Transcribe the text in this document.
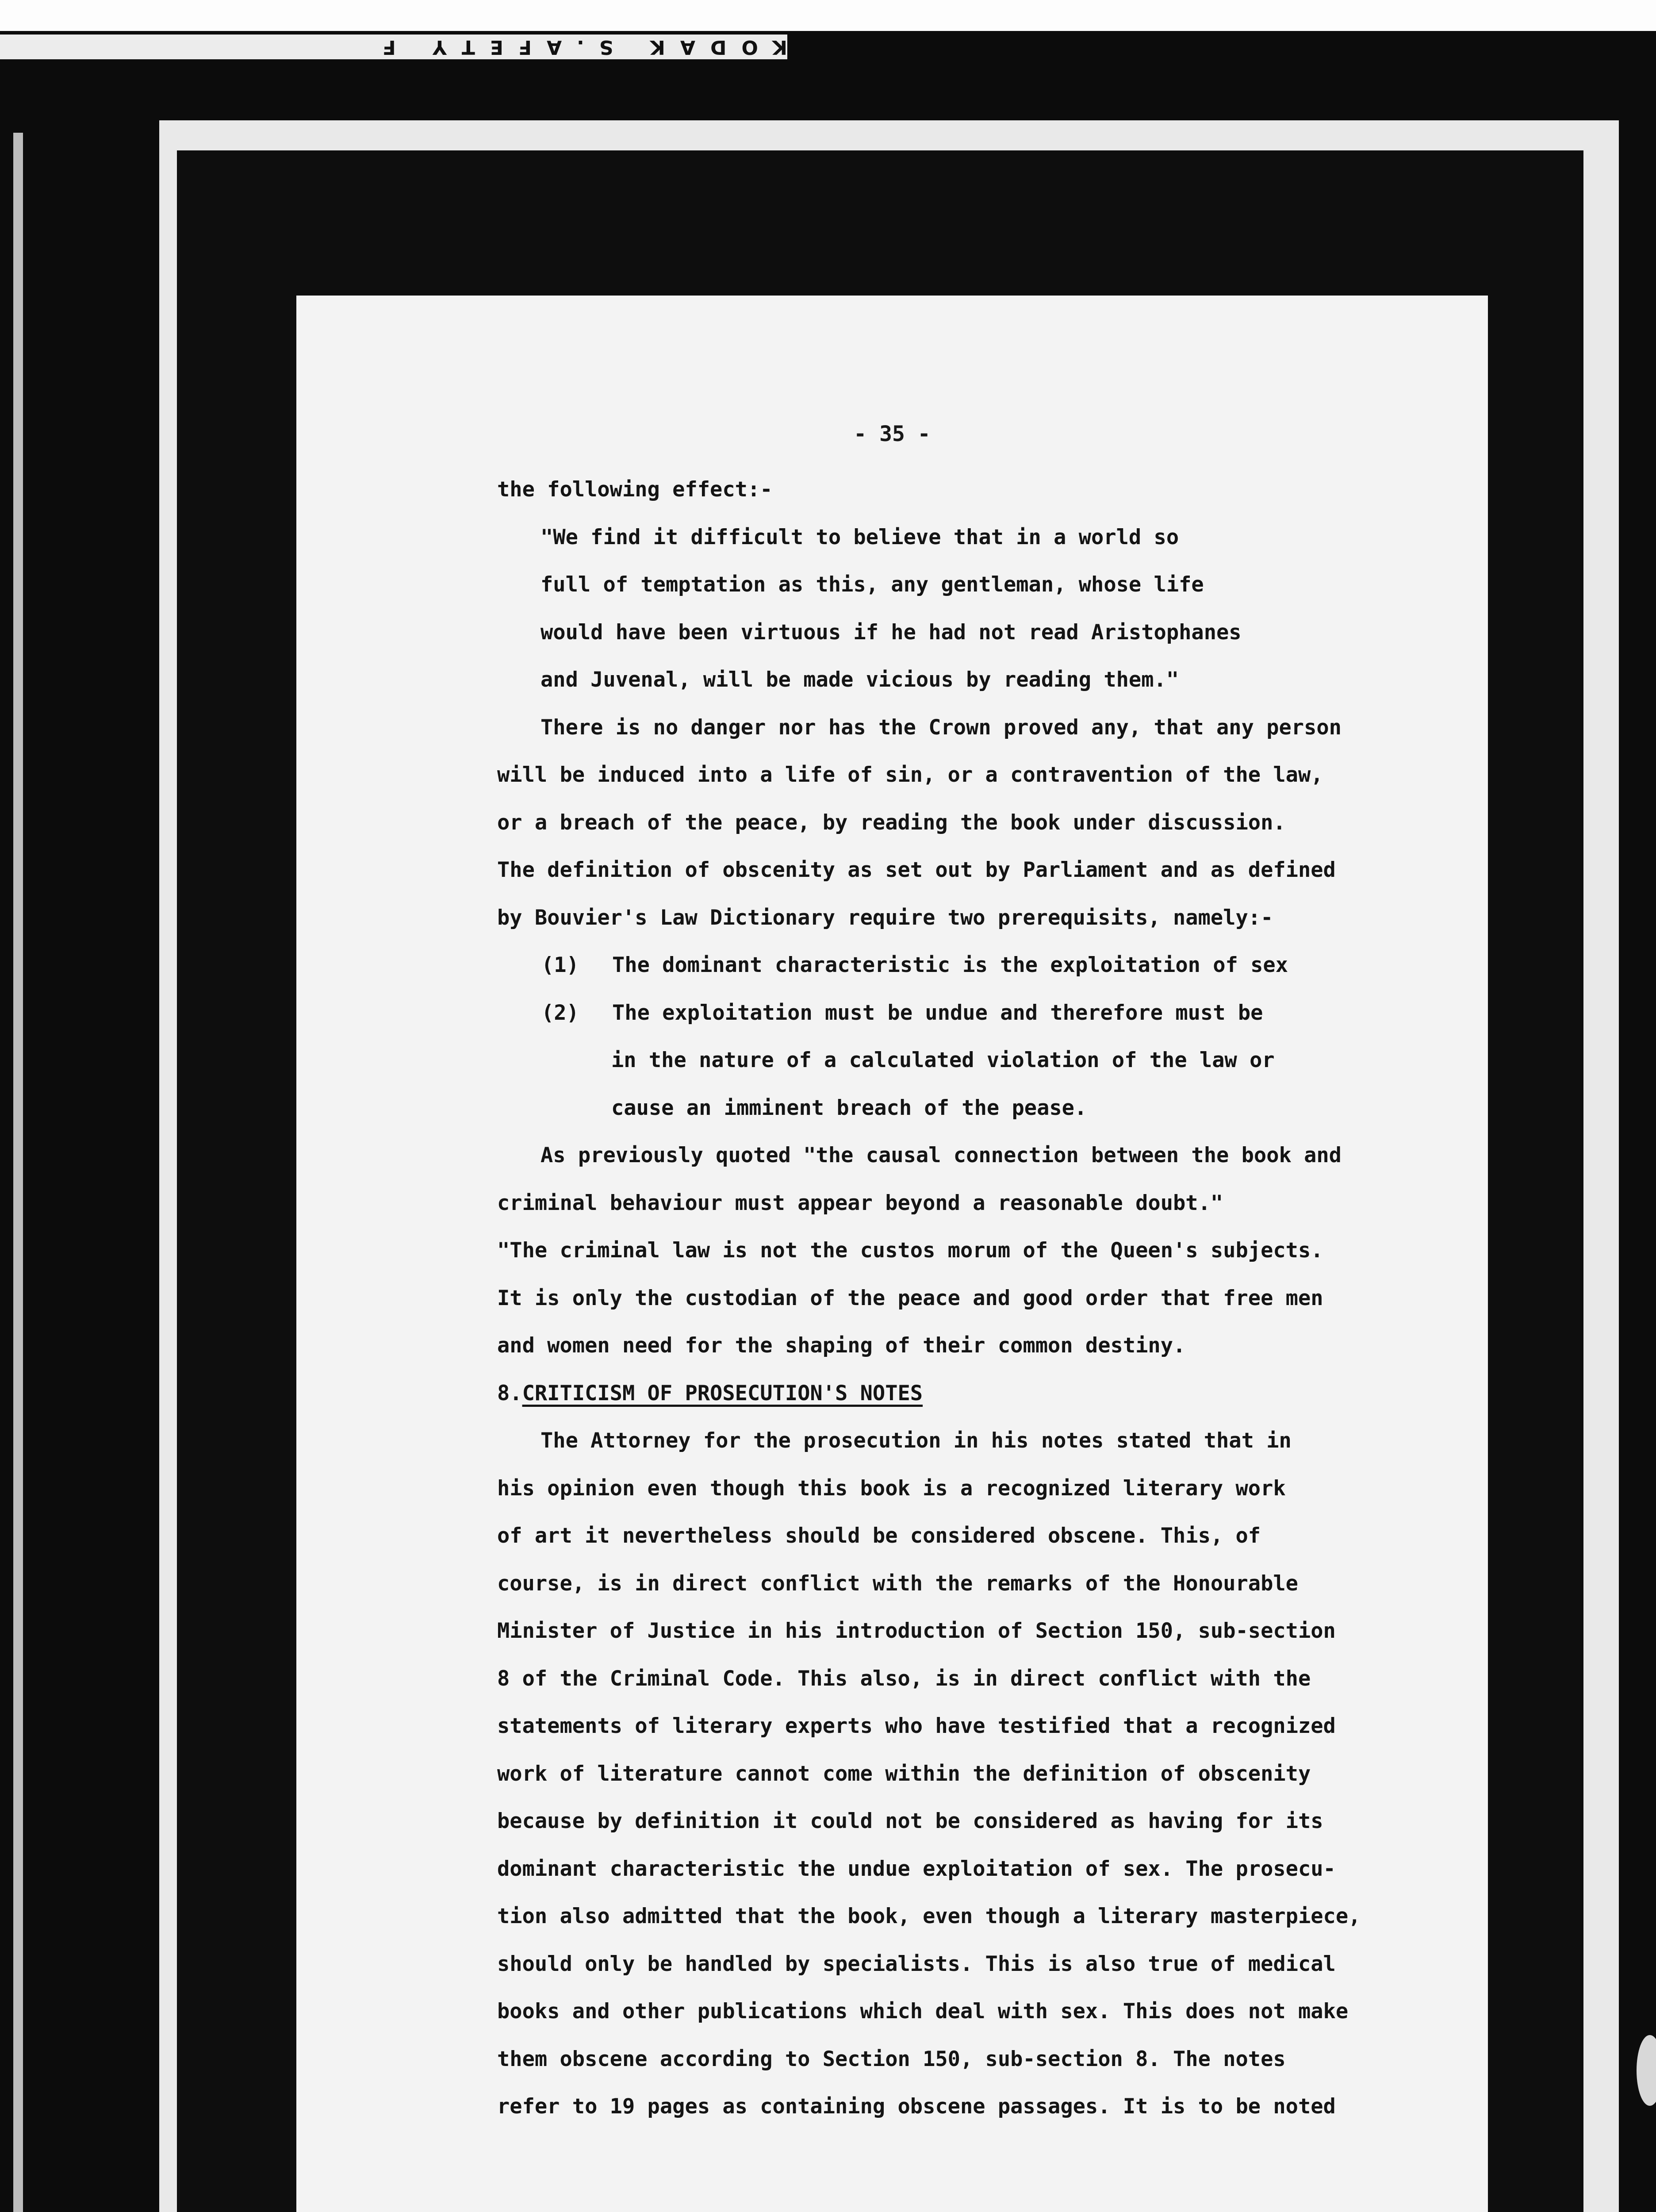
KODAK S.AFETY F
- 35 -
the following effect:-
"We find it difficult to believe that in a world so
full of temptation as this, any gentleman, whose life
would have been virtuous if he had not read Aristophanes
and Juvenal, will be made vicious by reading them."
There is no danger nor has the Crown proved any, that any person
will be induced into a life of sin, or a contravention of the law,
or a breach of the peace, by reading the book under discussion.
The definition of obscenity as set out by Parliament and as defined
by Bouvier's Law Dictionary require two prerequisits, namely:-
(1) The dominant characteristic is the exploitation of sex
(2) The exploitation must be undue and therefore must be
in the nature of a calculated violation of the law or
cause an imminent breach of the pease.
As previously quoted "the causal connection between the book and
criminal behaviour must appear beyond a reasonable doubt."
"The criminal law is not the custos morum of the Queen's subjects.
It is only the custodian of the peace and good order that free men
and women need for the shaping of their common destiny.
8.CRITICISM OF PROSECUTION'S NOTES
The Attorney for the prosecution in his notes stated that in
his opinion even though this book is a recognized literary work
of art it nevertheless should be considered obscene. This, of
course, is in direct conflict with the remarks of the Honourable
Minister of Justice in his introduction of Section 150, sub-section
8 of the Criminal Code. This also, is in direct conflict with the
statements of literary experts who have testified that a recognized
work of literature cannot come within the definition of obscenity
because by definition it could not be considered as having for its
dominant characteristic the undue exploitation of sex. The prosecu-
tion also admitted that the book, even though a literary masterpiece,
should only be handled by specialists. This is also true of medical
books and other publications which deal with sex. This does not make
them obscene according to Section 150, sub-section 8. The notes
refer to 19 pages as containing obscene passages. It is to be noted
